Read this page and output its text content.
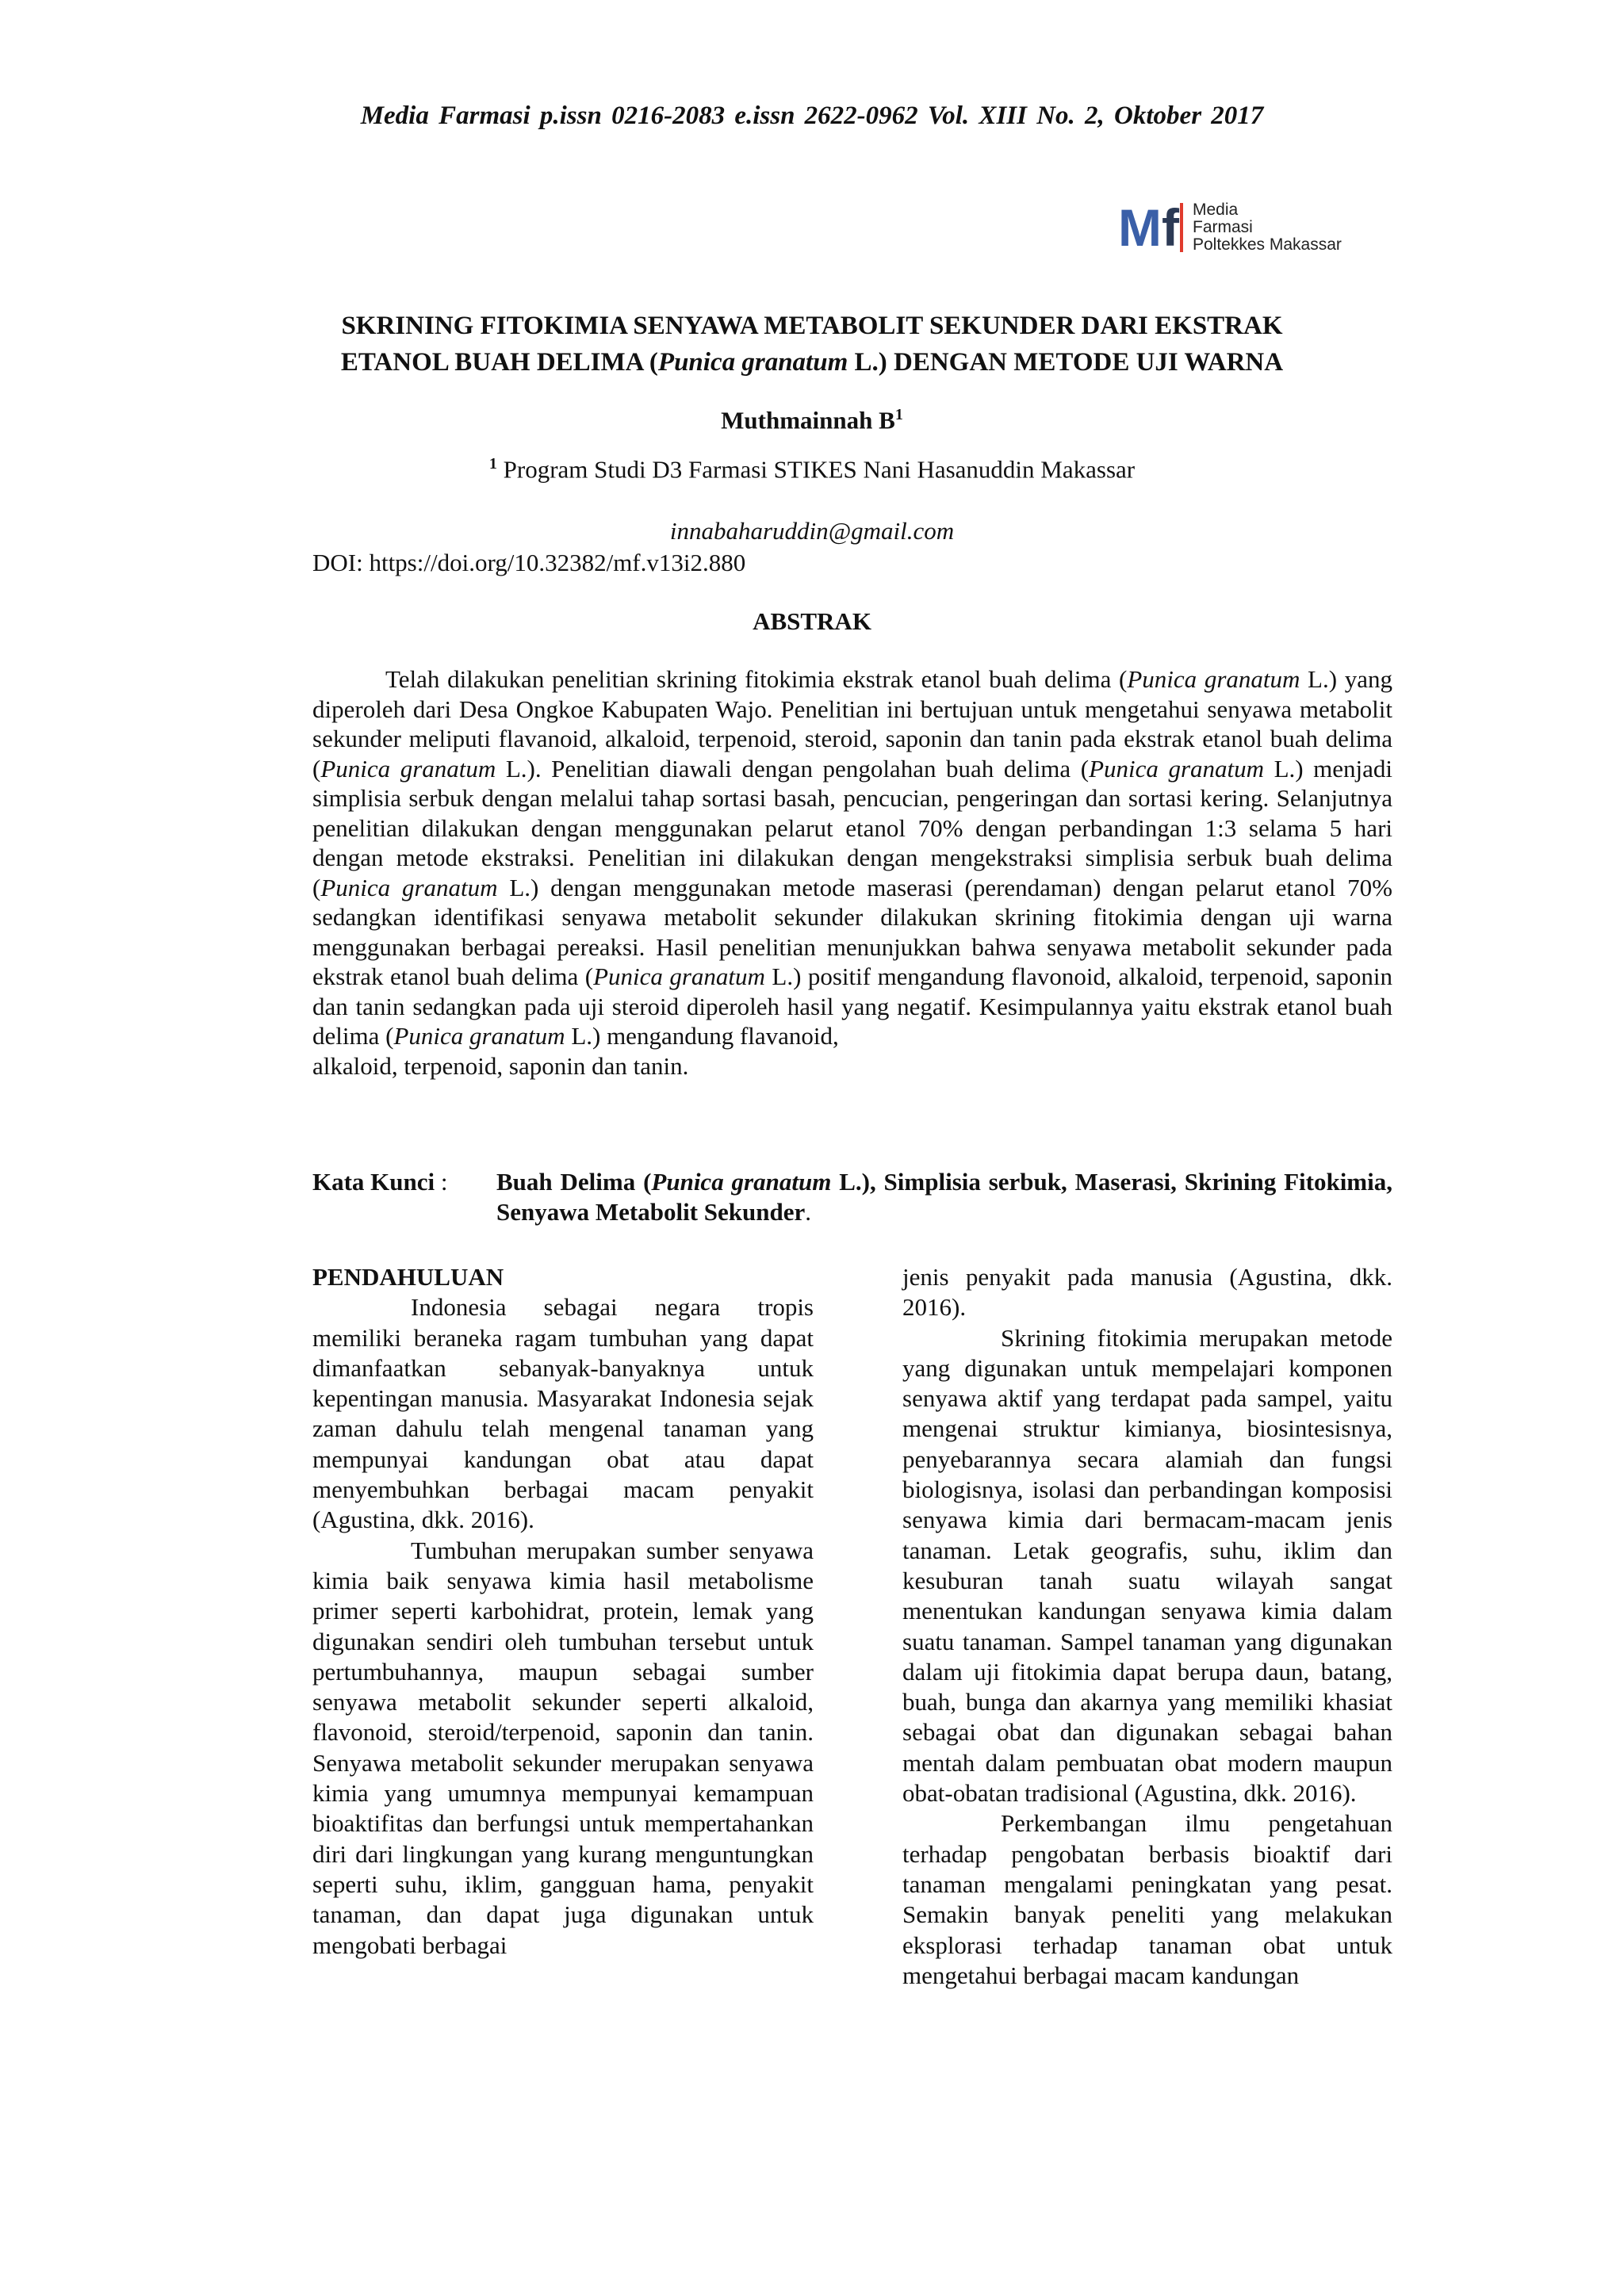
Media Farmasi p.issn 0216-2083 e.issn 2622-0962 Vol. XIII No. 2, Oktober 2017
Mf Media
Farmasi
Poltekkes Makassar
SKRINING FITOKIMIA SENYAWA METABOLIT SEKUNDER DARI EKSTRAK
ETANOL BUAH DELIMA (Punica granatum L.) DENGAN METODE UJI WARNA
Muthmainnah $B^1$
$^1$ Program Studi D3 Farmasi STIKES Nani Hasanuddin Makassar
innabaharuddin@gmail.com
DOI: https://doi.org/10.32382/mf.v13i2.880
ABSTRAK

Telah dilakukan penelitian skrining fitokimia ekstrak etanol buah delima (Punica granatum L.) yang diperoleh dari Desa Ongkoe Kabupaten Wajo. Penelitian ini bertujuan untuk mengetahui senyawa metabolit sekunder meliputi flavanoid, alkaloid, terpenoid, steroid, saponin dan tanin pada ekstrak etanol buah delima (Punica granatum L.). Penelitian diawali dengan pengolahan buah delima (Punica granatum L.) menjadi simplisia serbuk dengan melalui tahap sortasi basah, pencucian, pengeringan dan sortasi kering. Selanjutnya penelitian dilakukan dengan menggunakan pelarut etanol 70% dengan perbandingan 1:3 selama 5 hari dengan metode ekstraksi. Penelitian ini dilakukan dengan mengekstraksi simplisia serbuk buah delima (Punica granatum L.) dengan menggunakan metode maserasi (perendaman) dengan pelarut etanol 70% sedangkan identifikasi senyawa metabolit sekunder dilakukan skrining fitokimia dengan uji warna menggunakan berbagai pereaksi. Hasil penelitian menunjukkan bahwa senyawa metabolit sekunder pada ekstrak etanol buah delima (Punica granatum L.) positif mengandung flavonoid, alkaloid, terpenoid, saponin dan tanin sedangkan pada uji steroid diperoleh hasil yang negatif. Kesimpulannya yaitu ekstrak etanol buah delima (Punica granatum L.) mengandung flavanoid,

alkaloid, terpenoid, saponin dan tanin.

Kata Kunci :	Buah Delima (Punica granatum L.), Simplisia serbuk, Maserasi, Skrining Fitokimia, Senyawa Metabolit Sekunder.
PENDAHULUAN

Indonesia sebagai negara tropis memiliki beraneka ragam tumbuhan yang dapat dimanfaatkan sebanyak-banyaknya untuk kepentingan manusia. Masyarakat Indonesia sejak zaman dahulu telah mengenal tanaman yang mempunyai kandungan obat atau dapat menyembuhkan berbagai macam penyakit (Agustina, dkk. 2016).

Tumbuhan merupakan sumber senyawa kimia baik senyawa kimia hasil metabolisme primer seperti karbohidrat, protein, lemak yang digunakan sendiri oleh tumbuhan tersebut untuk pertumbuhannya, maupun sebagai sumber senyawa metabolit sekunder seperti alkaloid, flavonoid, steroid/terpenoid, saponin dan tanin. Senyawa metabolit sekunder merupakan senyawa kimia yang umumnya mempunyai kemampuan bioaktifitas dan berfungsi untuk mempertahankan diri dari lingkungan yang kurang menguntungkan seperti suhu, iklim, gangguan hama, penyakit tanaman, dan dapat juga digunakan untuk mengobati berbagai

jenis penyakit pada manusia (Agustina, dkk. 2016).

Skrining fitokimia merupakan metode yang digunakan untuk mempelajari komponen senyawa aktif yang terdapat pada sampel, yaitu mengenai struktur kimianya, biosintesisnya, penyebarannya secara alamiah dan fungsi biologisnya, isolasi dan perbandingan komposisi senyawa kimia dari bermacam-macam jenis tanaman. Letak geografis, suhu, iklim dan kesuburan tanah suatu wilayah sangat menentukan kandungan senyawa kimia dalam suatu tanaman. Sampel tanaman yang digunakan dalam uji fitokimia dapat berupa daun, batang, buah, bunga dan akarnya yang memiliki khasiat sebagai obat dan digunakan sebagai bahan mentah dalam pembuatan obat modern maupun obat-obatan tradisional (Agustina, dkk. 2016).

Perkembangan ilmu pengetahuan terhadap pengobatan berbasis bioaktif dari tanaman mengalami peningkatan yang pesat. Semakin banyak peneliti yang melakukan eksplorasi terhadap tanaman obat untuk mengetahui berbagai macam kandungan
